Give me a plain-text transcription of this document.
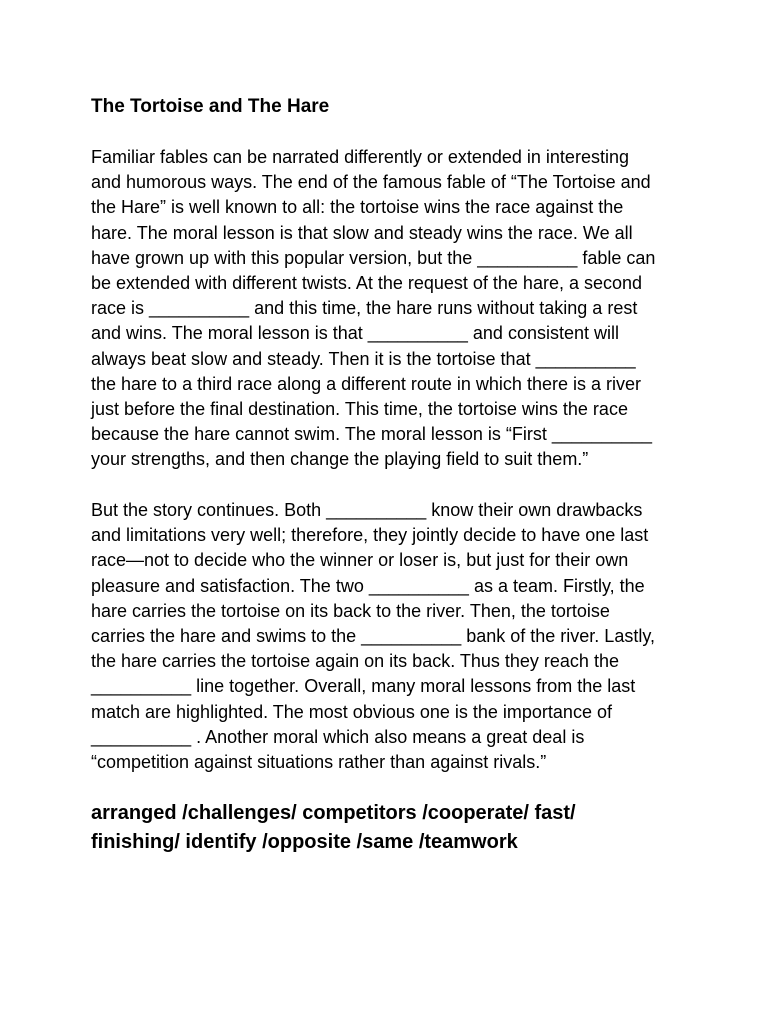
The Tortoise and The Hare
Familiar fables can be narrated differently or extended in interesting
and humorous ways. The end of the famous fable of “The Tortoise and
the Hare” is well known to all: the tortoise wins the race against the
hare. The moral lesson is that slow and steady wins the race. We all
have grown up with this popular version, but the __________ fable can
be extended with different twists. At the request of the hare, a second
race is __________ and this time, the hare runs without taking a rest
and wins. The moral lesson is that __________ and consistent will
always beat slow and steady. Then it is the tortoise that __________
the hare to a third race along a different route in which there is a river
just before the final destination. This time, the tortoise wins the race
because the hare cannot swim. The moral lesson is “First __________
your strengths, and then change the playing field to suit them.”
But the story continues. Both __________ know their own drawbacks
and limitations very well; therefore, they jointly decide to have one last
race—not to decide who the winner or loser is, but just for their own
pleasure and satisfaction. The two __________ as a team. Firstly, the
hare carries the tortoise on its back to the river. Then, the tortoise
carries the hare and swims to the __________ bank of the river. Lastly,
the hare carries the tortoise again on its back. Thus they reach the
__________ line together. Overall, many moral lessons from the last
match are highlighted. The most obvious one is the importance of
__________ . Another moral which also means a great deal is
“competition against situations rather than against rivals.”
arranged /challenges/ competitors /cooperate/ fast/
finishing/ identify /opposite /same /teamwork
